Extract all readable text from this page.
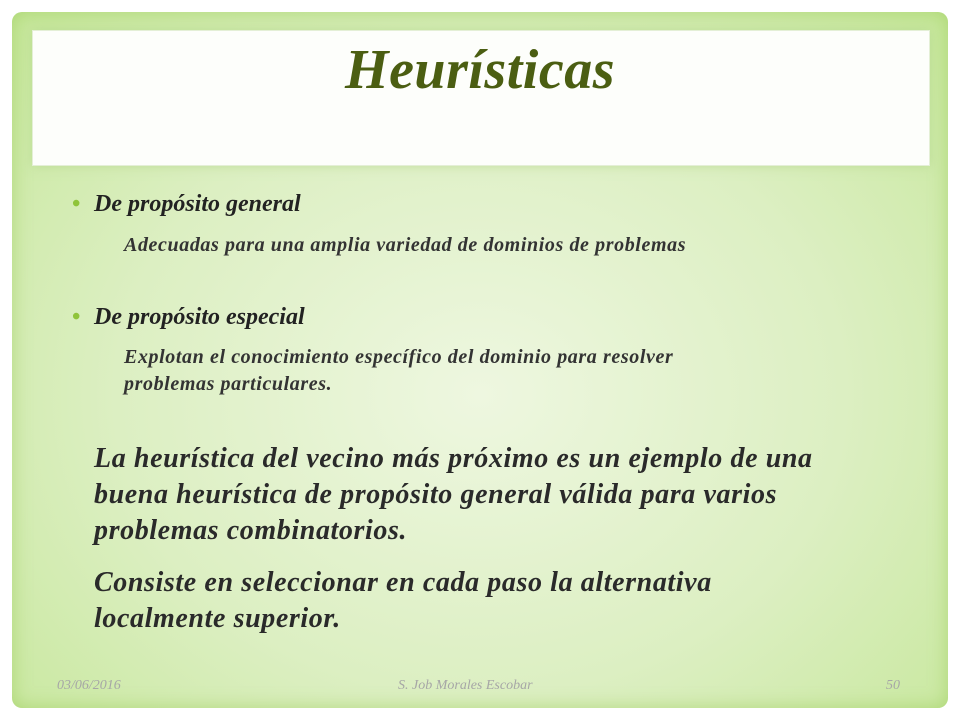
Heurísticas
• De propósito general
Adecuadas para una amplia variedad de dominios de problemas
• De propósito especial
Explotan el conocimiento específico del dominio para resolver
problemas particulares.
La heurística del vecino más próximo es un ejemplo de una
buena heurística de propósito general válida para varios
problemas combinatorios.
Consiste en seleccionar en cada paso la alternativa
localmente superior.
03/06/2016	S. Job Morales Escobar	50
